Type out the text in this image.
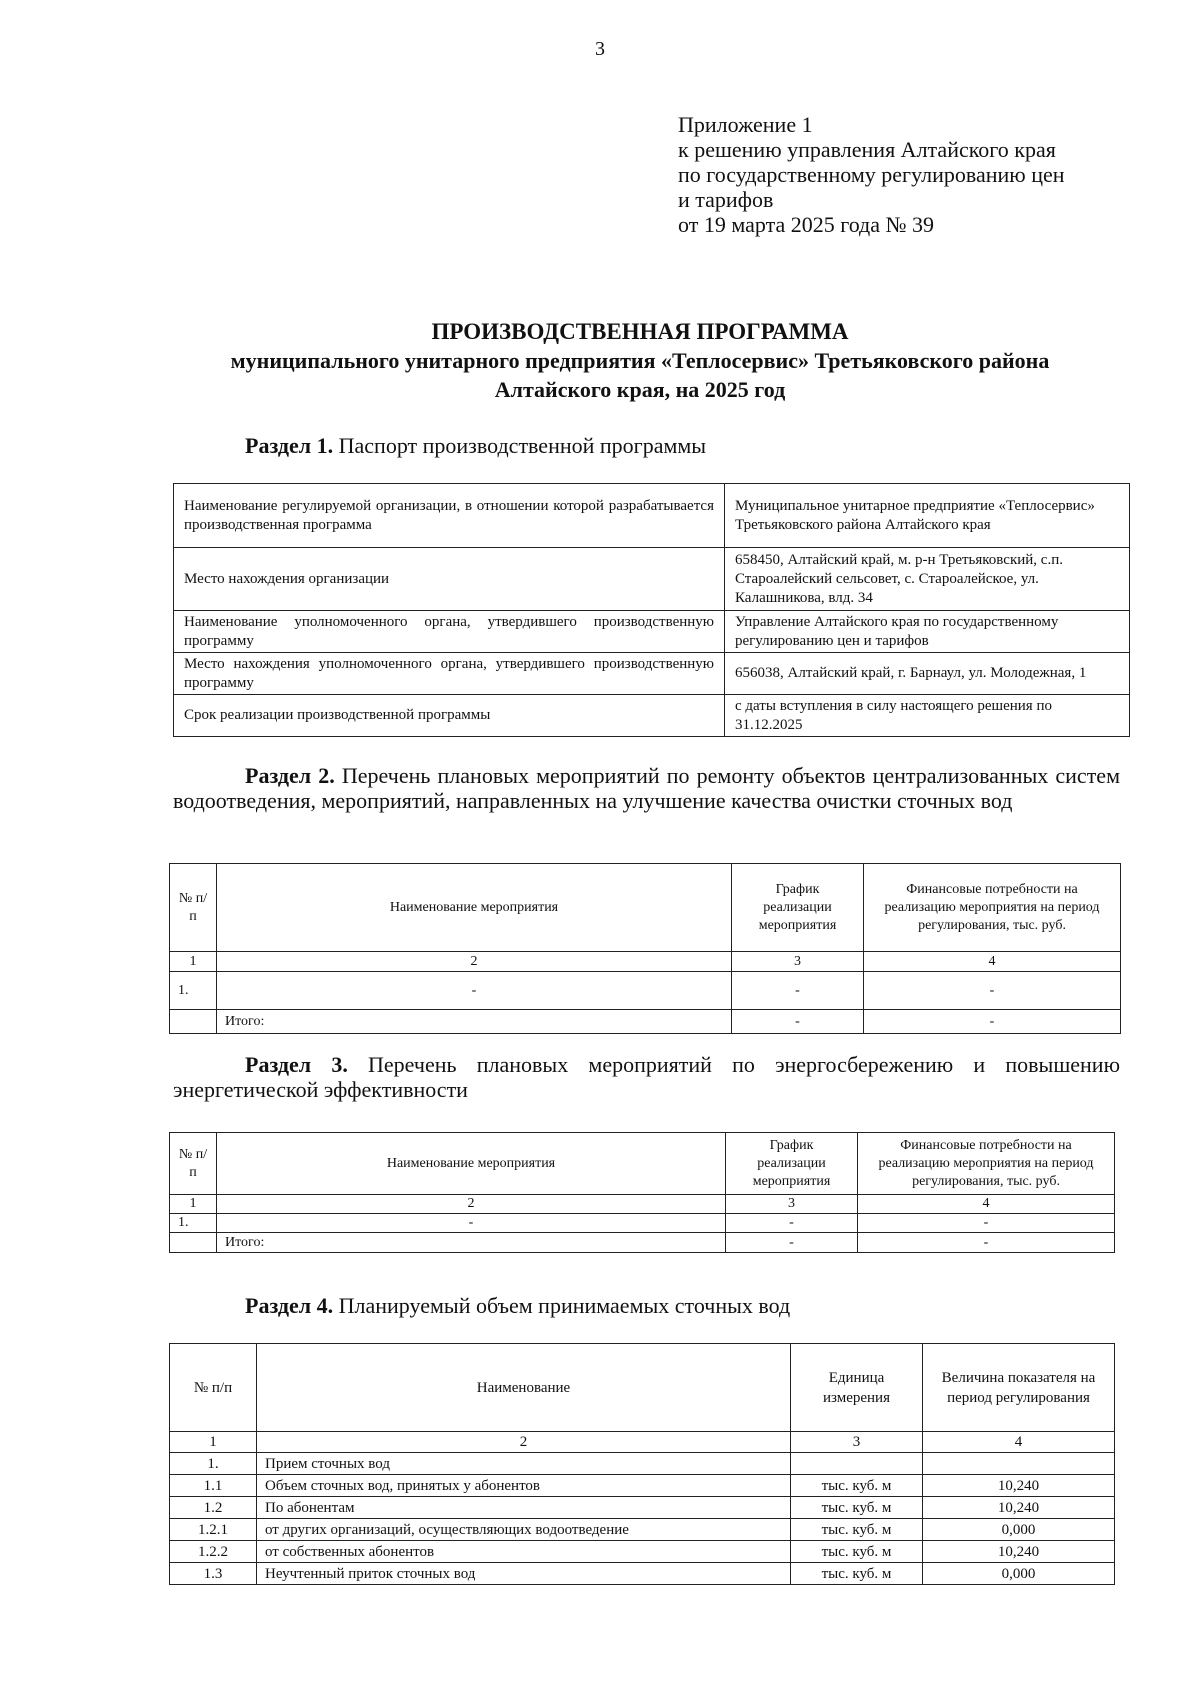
3
Приложение 1
к решению управления Алтайского края
по государственному регулированию цен
и тарифов
от 19 марта 2025 года № 39
ПРОИЗВОДСТВЕННАЯ ПРОГРАММА
муниципального унитарного предприятия «Теплосервис» Третьяковского района
Алтайского края, на 2025 год
Раздел 1. Паспорт производственной программы
Наименование регулируемой организации, в отношении которой разрабатывается производственная программа	Муниципальное унитарное предприятие «Теплосервис» Третьяковского района Алтайского края
Место нахождения организации	658450, Алтайский край, м. р-н Третьяковский, с.п. Староалейский сельсовет, с. Староалейское, ул. Калашникова, влд. 34
Наименование уполномоченного органа, утвердившего производственную программу	Управление Алтайского края по государственному регулированию цен и тарифов
Место нахождения уполномоченного органа, утвердившего производственную программу	656038, Алтайский край, г. Барнаул, ул. Молодежная, 1
Срок реализации производственной программы	с даты вступления в силу настоящего решения по 31.12.2025
Раздел 2. Перечень плановых мероприятий по ремонту объектов централизованных систем водоотведения, мероприятий, направленных на улучшение качества очистки сточных вод
№ п/п	Наименование мероприятия	График реализации мероприятия	Финансовые потребности на реализацию мероприятия на период регулирования, тыс. руб.
1	2	3	4
1.	-	-	-
	Итого:	-	-
Раздел 3. Перечень плановых мероприятий по энергосбережению и повышению энергетической эффективности
№ п/п	Наименование мероприятия	График реализации мероприятия	Финансовые потребности на реализацию мероприятия на период регулирования, тыс. руб.
1	2	3	4
1.	-	-	-
	Итого:	-	-
Раздел 4. Планируемый объем принимаемых сточных вод
№ п/п	Наименование	Единица измерения	Величина показателя на период регулирования
1	2	3	4
1.	Прием сточных вод		
1.1	Объем сточных вод, принятых у абонентов	тыс. куб. м	10,240
1.2	По абонентам	тыс. куб. м	10,240
1.2.1	от других организаций, осуществляющих водоотведение	тыс. куб. м	0,000
1.2.2	от собственных абонентов	тыс. куб. м	10,240
1.3	Неучтенный приток сточных вод	тыс. куб. м	0,000
